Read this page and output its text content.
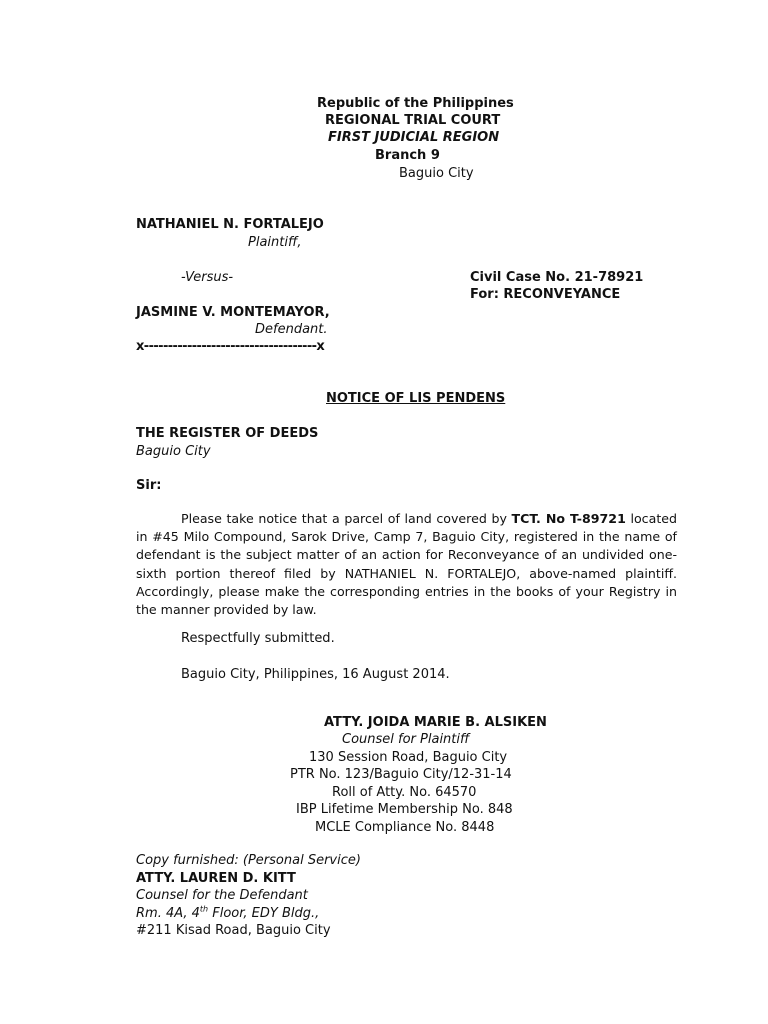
Republic of the Philippines
REGIONAL TRIAL COURT
FIRST JUDICIAL REGION
Branch 9
Baguio City
NATHANIEL N. FORTALEJO
Plaintiff,
-Versus-	Civil Case No. 21-78921
For: RECONVEYANCE
JASMINE V. MONTEMAYOR,
Defendant.
x------------------------------------x
NOTICE OF LIS PENDENS
THE REGISTER OF DEEDS
Baguio City
Sir:
Please take notice that a parcel of land covered by TCT. No T-89721 located in #45 Milo Compound, Sarok Drive, Camp 7, Baguio City, registered in the name of defendant is the subject matter of an action for Reconveyance of an undivided one-sixth portion thereof filed by NATHANIEL N. FORTALEJO, above-named plaintiff. Accordingly, please make the corresponding entries in the books of your Registry in the manner provided by law.
Respectfully submitted.
Baguio City, Philippines, 16 August 2014.
ATTY. JOIDA MARIE B. ALSIKEN
Counsel for Plaintiff
130 Session Road, Baguio City
PTR No. 123/Baguio City/12-31-14
Roll of Atty. No. 64570
IBP Lifetime Membership No. 848
MCLE Compliance No. 8448
Copy furnished: (Personal Service)
ATTY. LAUREN D. KITT
Counsel for the Defendant
Rm. 4A, 4th Floor, EDY Bldg.,
#211 Kisad Road, Baguio City
